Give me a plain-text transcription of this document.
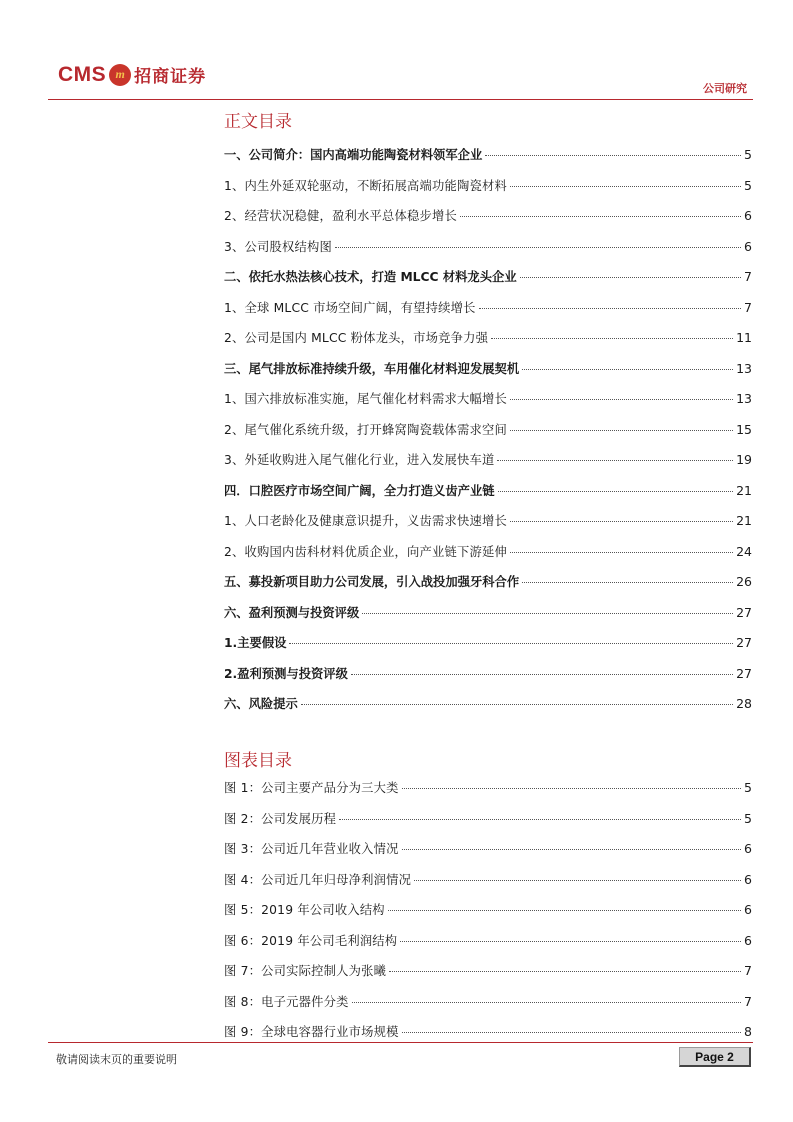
CMS m 招商证券
公司研究
正文目录
一、公司简介：国内高端功能陶瓷材料领军企业	5
1、内生外延双轮驱动，不断拓展高端功能陶瓷材料	5
2、经营状况稳健，盈利水平总体稳步增长	6
3、公司股权结构图	6
二、依托水热法核心技术，打造 MLCC 材料龙头企业	7
1、全球 MLCC 市场空间广阔，有望持续增长	7
2、公司是国内 MLCC 粉体龙头，市场竞争力强	11
三、尾气排放标准持续升级，车用催化材料迎发展契机	13
1、国六排放标准实施，尾气催化材料需求大幅增长	13
2、尾气催化系统升级，打开蜂窝陶瓷载体需求空间	15
3、外延收购进入尾气催化行业，进入发展快车道	19
四．口腔医疗市场空间广阔，全力打造义齿产业链	21
1、人口老龄化及健康意识提升，义齿需求快速增长	21
2、收购国内齿科材料优质企业，向产业链下游延伸	24
五、募投新项目助力公司发展，引入战投加强牙科合作	26
六、盈利预测与投资评级	27
1.主要假设	27
2.盈利预测与投资评级	27
六、风险提示	28
图表目录
图 1：公司主要产品分为三大类	5
图 2：公司发展历程	5
图 3：公司近几年营业收入情况	6
图 4：公司近几年归母净利润情况	6
图 5：2019 年公司收入结构	6
图 6：2019 年公司毛利润结构	6
图 7：公司实际控制人为张曦	7
图 8：电子元器件分类	7
图 9：全球电容器行业市场规模	8
敬请阅读末页的重要说明	Page 2
